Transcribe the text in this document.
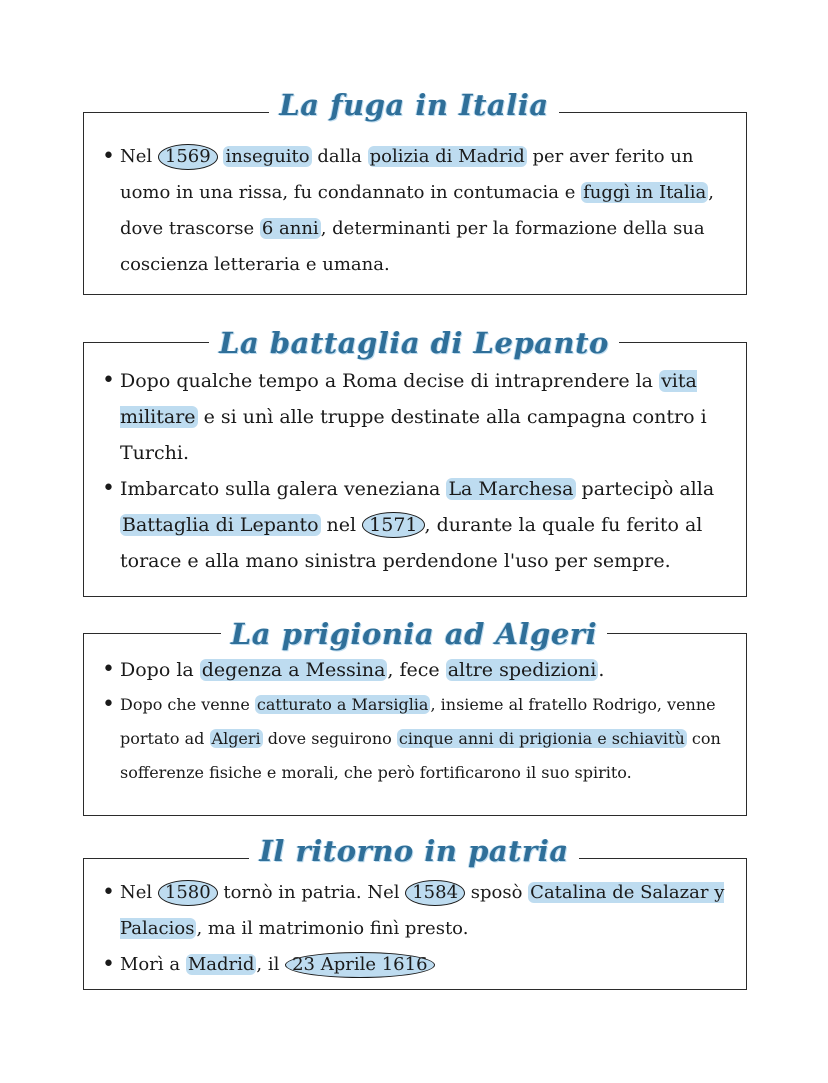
• Nel 1569 inseguito dalla polizia di Madrid per aver ferito un uomo in una rissa, fu condannato in contumacia e fuggì in Italia , dove trascorse 6 anni , determinanti per la formazione della sua coscienza letteraria e umana.
La fuga in Italia
• Dopo qualche tempo a Roma decise di intraprendere la vita militare e si unì alle truppe destinate alla campagna contro i Turchi.
• Imbarcato sulla galera veneziana La Marchesa partecipò alla Battaglia di Lepanto nel 1571 , durante la quale fu ferito al torace e alla mano sinistra perdendone l'uso per sempre.
La battaglia di Lepanto
• Dopo la degenza a Messina , fece altre spedizioni .
• Dopo che venne catturato a Marsiglia , insieme al fratello Rodrigo, venne portato ad Algeri dove seguirono cinque anni di prigionia e schiavitù con sofferenze fisiche e morali, che però fortificarono il suo spirito.
La prigionia ad Algeri
• Nel 1580 tornò in patria. Nel 1584 sposò Catalina de Salazar y Palacios , ma il matrimonio finì presto.
• Morì a Madrid , il 23 Aprile 1616
Il ritorno in patria
